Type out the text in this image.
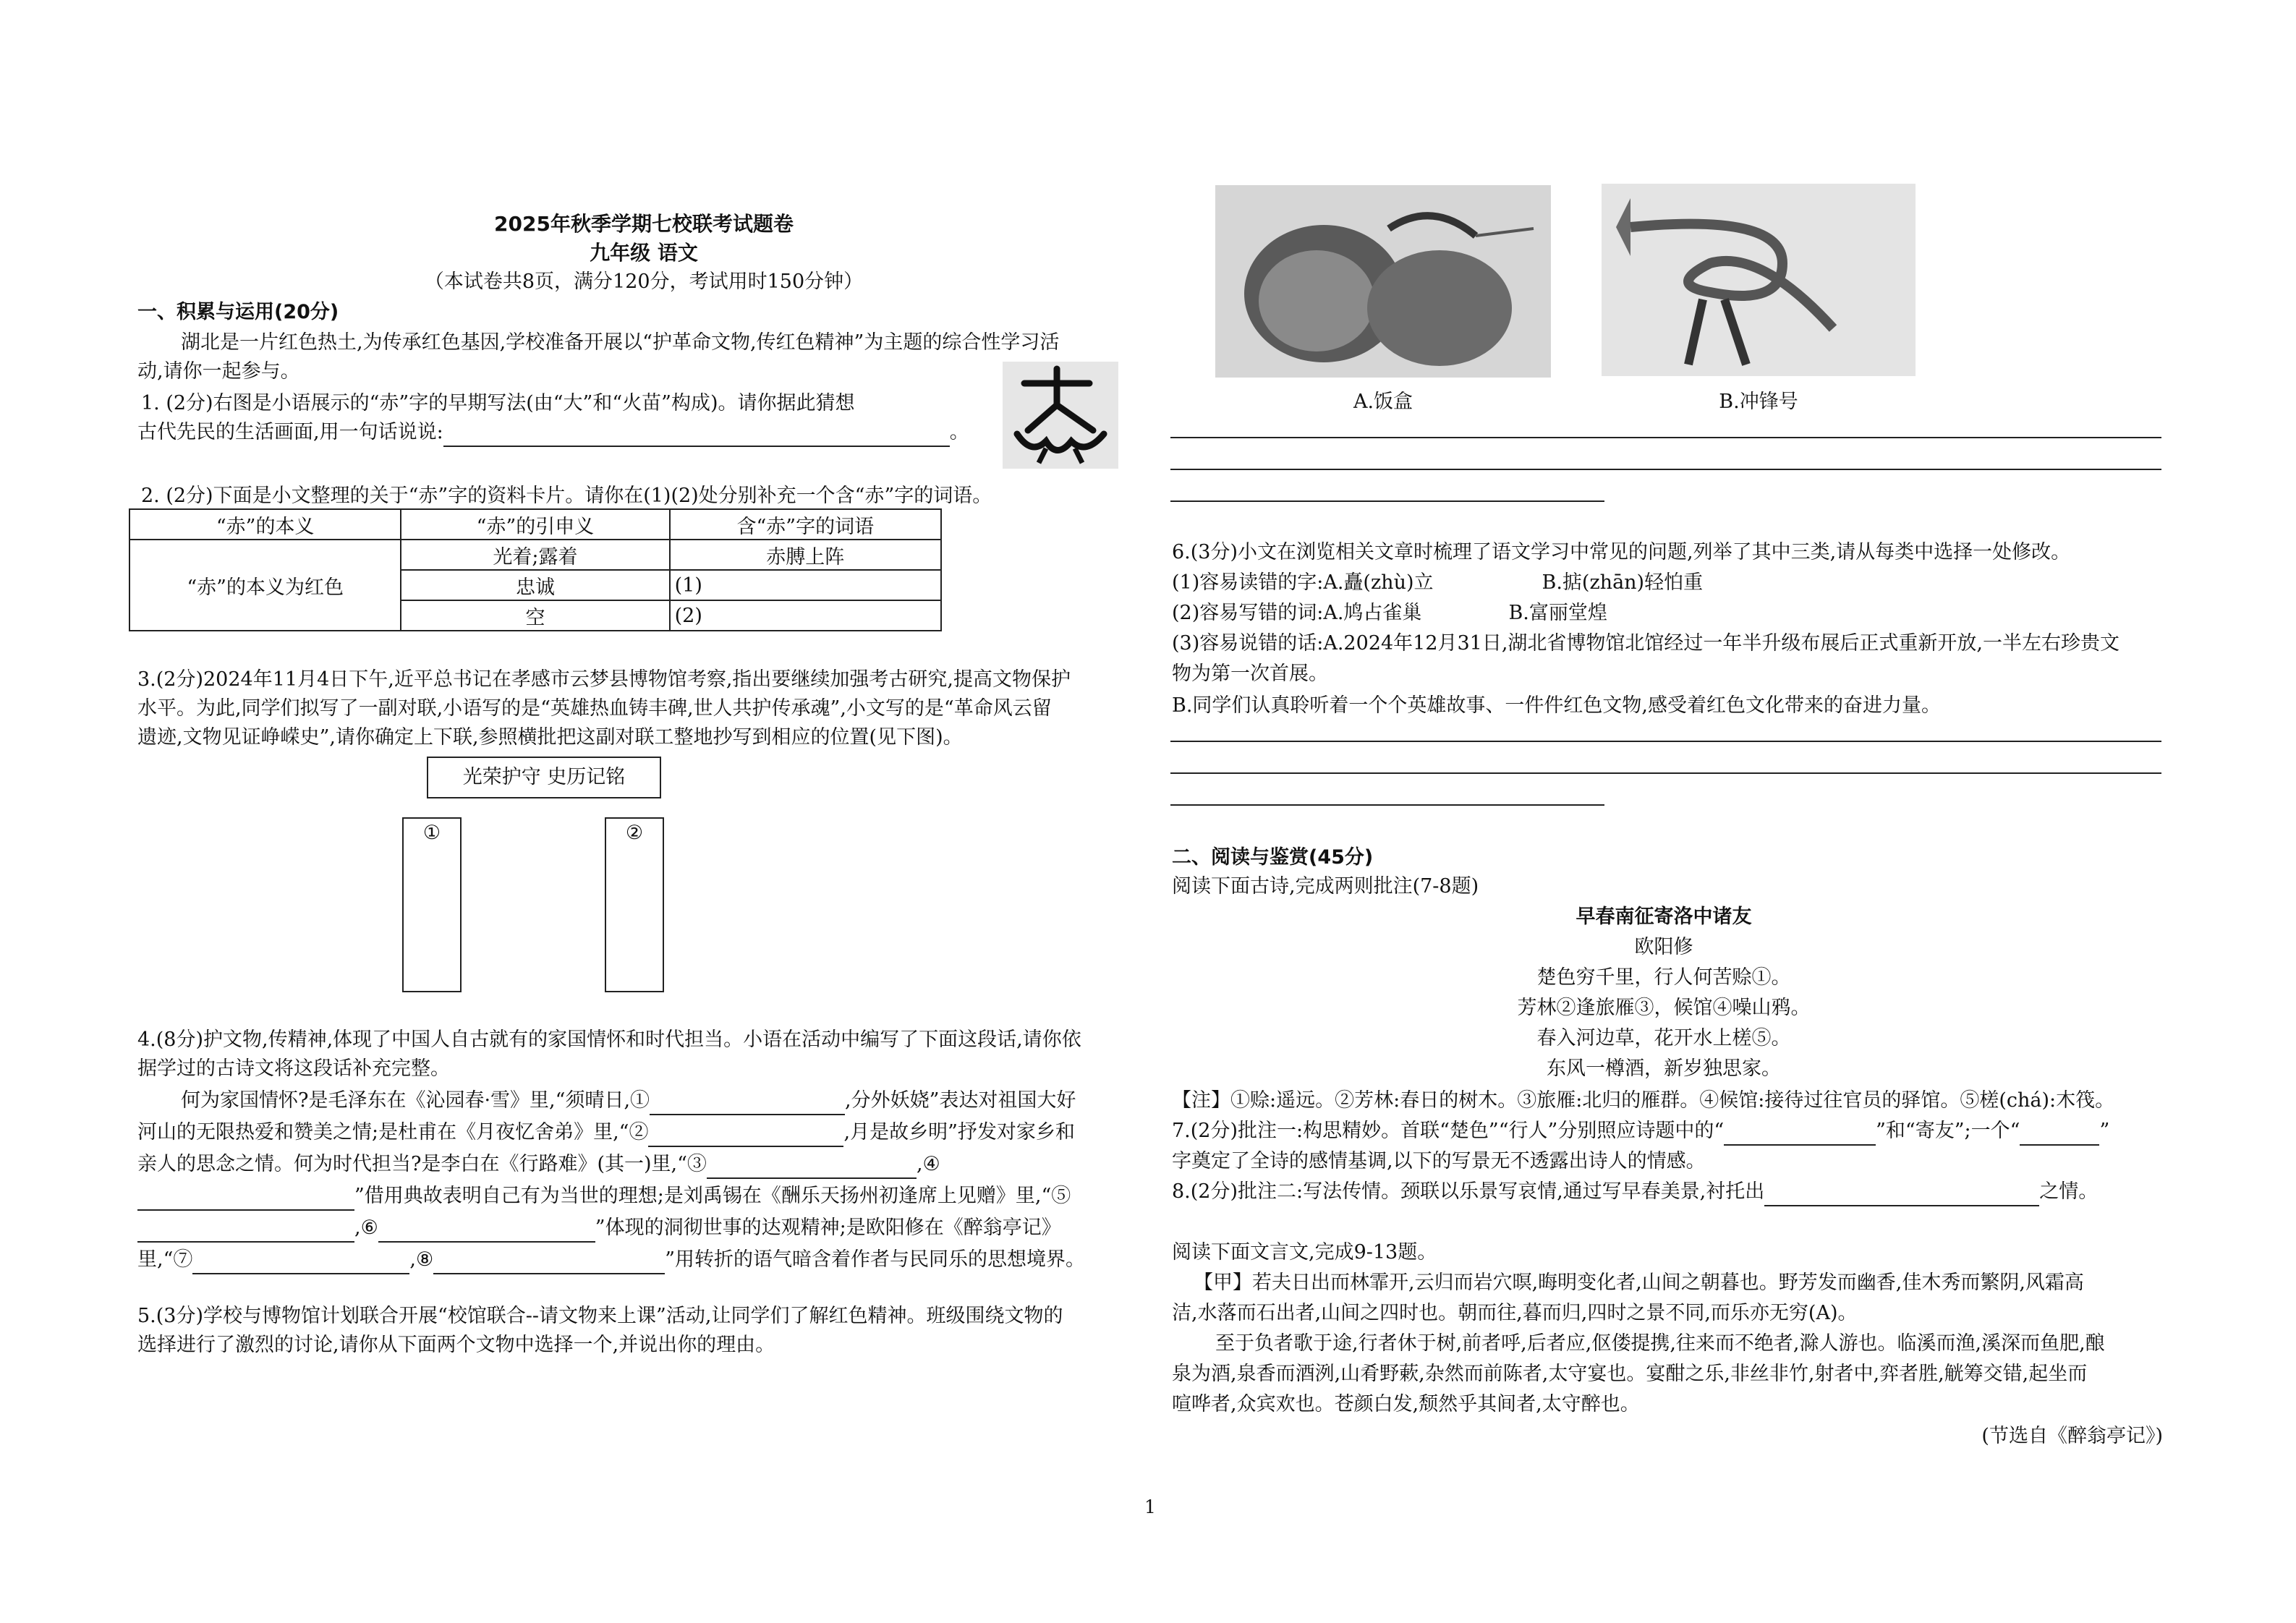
2025年秋季学期七校联考试题卷
九年级 语文
（本试卷共8页，满分120分，考试用时150分钟）
一、积累与运用(20分)
湖北是一片红色热土,为传承红色基因,学校准备开展以“护革命文物,传红色精神”为主题的综合性学习活
动,请你一起参与。
1. (2分)右图是小语展示的“赤”字的早期写法(由“大”和“火苗”构成)。请你据此猜想
古代先民的生活画面,用一句话说说:	。
2. (2分)下面是小文整理的关于“赤”字的资料卡片。请你在(1)(2)处分别补充一个含“赤”字的词语。
“赤”的本义	“赤”的引申义	含“赤”字的词语
“赤”的本义为红色	光着;露着	赤膊上阵
	忠诚	(1)
	空	(2)
3.(2分)2024年11月4日下午,近平总书记在孝感市云梦县博物馆考察,指出要继续加强考古研究,提高文物保护
水平。为此,同学们拟写了一副对联,小语写的是“英雄热血铸丰碑,世人共护传承魂”,小文写的是“革命风云留
遗迹,文物见证峥嵘史”,请你确定上下联,参照横批把这副对联工整地抄写到相应的位置(见下图)。
光荣护守 史历记铭
①	②
4.(8分)护文物,传精神,体现了中国人自古就有的家国情怀和时代担当。小语在活动中编写了下面这段话,请你依
据学过的古诗文将这段话补充完整。
何为家国情怀?是毛泽东在《沁园春·雪》里,“须晴日,①	,分外妖娆”表达对祖国大好
河山的无限热爱和赞美之情;是杜甫在《月夜忆舍弟》里,“②	,月是故乡明”抒发对家乡和
亲人的思念之情。何为时代担当?是李白在《行路难》(其一)里,“③	,④
”借用典故表明自己有为当世的理想;是刘禹锡在《酬乐天扬州初逢席上见赠》里,“⑤
,⑥	”体现的洞彻世事的达观精神;是欧阳修在《醉翁亭记》
里,“⑦	,⑧	”用转折的语气暗含着作者与民同乐的思想境界。
5.(3分)学校与博物馆计划联合开展“校馆联合--请文物来上课”活动,让同学们了解红色精神。班级围绕文物的
选择进行了激烈的讨论,请你从下面两个文物中选择一个,并说出你的理由。
A.饭盒	B.冲锋号
6.(3分)小文在浏览相关文章时梳理了语文学习中常见的问题,列举了其中三类,请从每类中选择一处修改。
(1)容易读错的字:A.矗(zhù)立	B.掂(zhān)轻怕重
(2)容易写错的词:A.鸠占雀巢	B.富丽堂煌
(3)容易说错的话:A.2024年12月31日,湖北省博物馆北馆经过一年半升级布展后正式重新开放,一半左右珍贵文
物为第一次首展。
B.同学们认真聆听着一个个英雄故事、一件件红色文物,感受着红色文化带来的奋进力量。
二、阅读与鉴赏(45分)
阅读下面古诗,完成两则批注(7-8题)
早春南征寄洛中诸友
欧阳修
楚色穷千里，行人何苦赊①。
芳林②逢旅雁③，候馆④噪山鸦。
春入河边草，花开水上槎⑤。
东风一樽酒，新岁独思家。
【注】①赊:遥远。②芳林:春日的树木。③旅雁:北归的雁群。④候馆:接待过往官员的驿馆。⑤槎(chá):木筏。
7.(2分)批注一:构思精妙。首联“楚色”“行人”分别照应诗题中的“	”和“寄友”;一个“	”
字奠定了全诗的感情基调,以下的写景无不透露出诗人的情感。
8.(2分)批注二:写法传情。颈联以乐景写哀情,通过写早春美景,衬托出	之情。
阅读下面文言文,完成9-13题。
【甲】若夫日出而林霏开,云归而岩穴暝,晦明变化者,山间之朝暮也。野芳发而幽香,佳木秀而繁阴,风霜高
洁,水落而石出者,山间之四时也。朝而往,暮而归,四时之景不同,而乐亦无穷(A)。
至于负者歌于途,行者休于树,前者呼,后者应,伛偻提携,往来而不绝者,滁人游也。临溪而渔,溪深而鱼肥,酿
泉为酒,泉香而酒洌,山肴野蔌,杂然而前陈者,太守宴也。宴酣之乐,非丝非竹,射者中,弈者胜,觥筹交错,起坐而
喧哗者,众宾欢也。苍颜白发,颓然乎其间者,太守醉也。
(节选自《醉翁亭记》)
1
